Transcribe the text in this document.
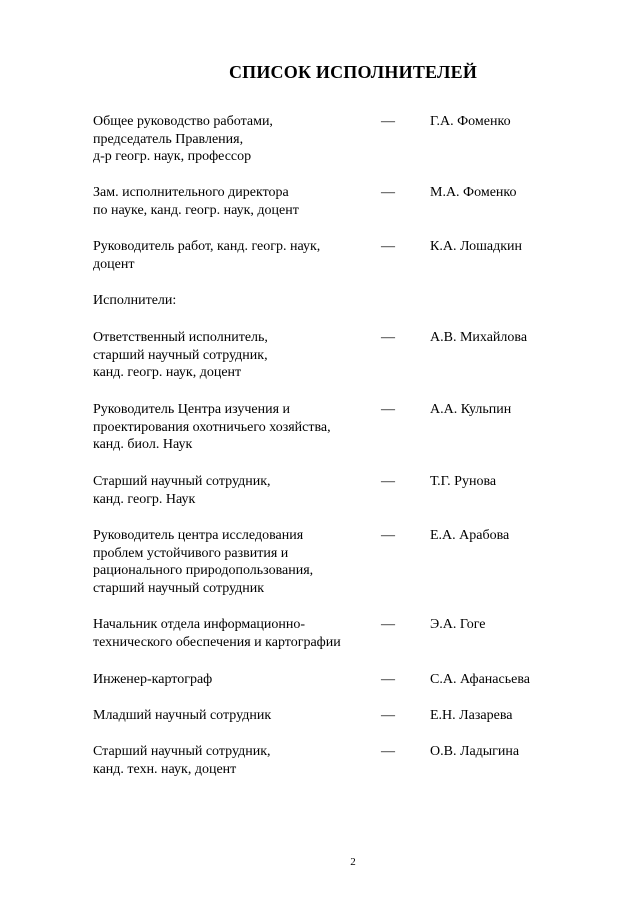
СПИСОК ИСПОЛНИТЕЛЕЙ
Общее руководство работами,
председатель Правления,
д-р геогр. наук, профессор
—	Г.А. Фоменко
Зам. исполнительного директора
по науке, канд. геогр. наук, доцент
—	М.А. Фоменко
Руководитель работ, канд. геогр. наук,
доцент
—	К.А. Лошадкин
Исполнители:
Ответственный исполнитель,
старший научный сотрудник,
канд. геогр. наук, доцент
—	А.В. Михайлова
Руководитель Центра изучения и
проектирования охотничьего хозяйства,
канд. биол. Наук
—	А.А. Кульпин
Старший научный сотрудник,
канд. геогр. Наук
—	Т.Г. Рунова
Руководитель центра исследования
проблем устойчивого развития и
рационального природопользования,
старший научный сотрудник
—	Е.А. Арабова
Начальник отдела информационно-
технического обеспечения и картографии
—	Э.А. Гоге
Инженер-картограф	—	С.А. Афанасьева
Младший научный сотрудник	—	Е.Н. Лазарева
Старший научный сотрудник,
канд. техн. наук, доцент
—	О.В. Ладыгина
2
